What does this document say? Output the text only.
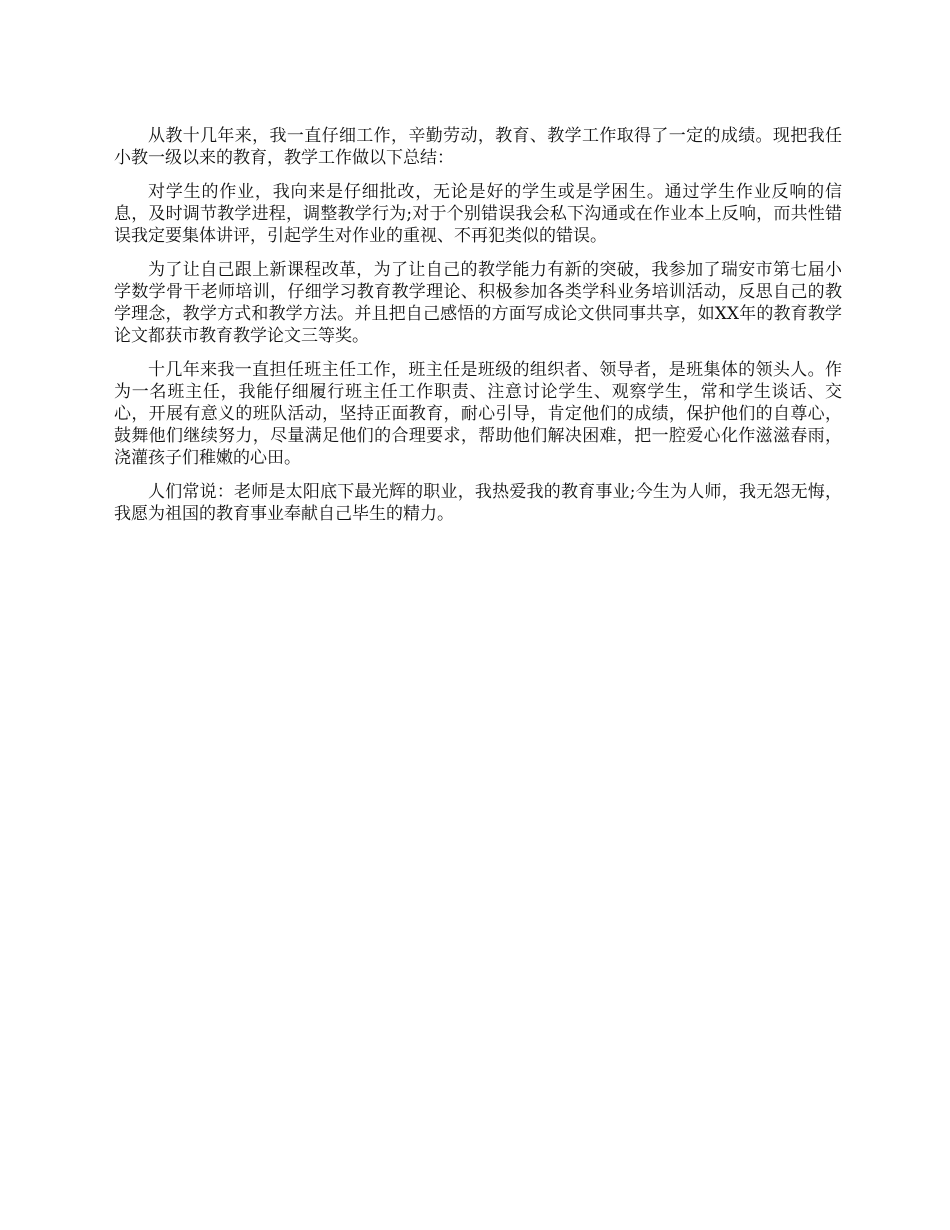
从教十几年来，我一直仔细工作，辛勤劳动，教育、教学工作取得了一定的成绩。现把我任小教一级以来的教育，教学工作做以下总结：

对学生的作业，我向来是仔细批改，无论是好的学生或是学困生。通过学生作业反响的信息，及时调节教学进程，调整教学行为;对于个别错误我会私下沟通或在作业本上反响，而共性错误我定要集体讲评，引起学生对作业的重视、不再犯类似的错误。

为了让自己跟上新课程改革，为了让自己的教学能力有新的突破，我参加了瑞安市第七届小学数学骨干老师培训，仔细学习教育教学理论、积极参加各类学科业务培训活动，反思自己的教学理念，教学方式和教学方法。并且把自己感悟的方面写成论文供同事共享，如XX年的教育教学论文都获市教育教学论文三等奖。

十几年来我一直担任班主任工作，班主任是班级的组织者、领导者，是班集体的领头人。作为一名班主任，我能仔细履行班主任工作职责、注意讨论学生、观察学生，常和学生谈话、交心，开展有意义的班队活动，坚持正面教育，耐心引导，肯定他们的成绩，保护他们的自尊心，鼓舞他们继续努力，尽量满足他们的合理要求，帮助他们解决困难，把一腔爱心化作滋滋春雨，浇灌孩子们稚嫩的心田。

人们常说：老师是太阳底下最光辉的职业，我热爱我的教育事业;今生为人师，我无怨无悔，我愿为祖国的教育事业奉献自己毕生的精力。
